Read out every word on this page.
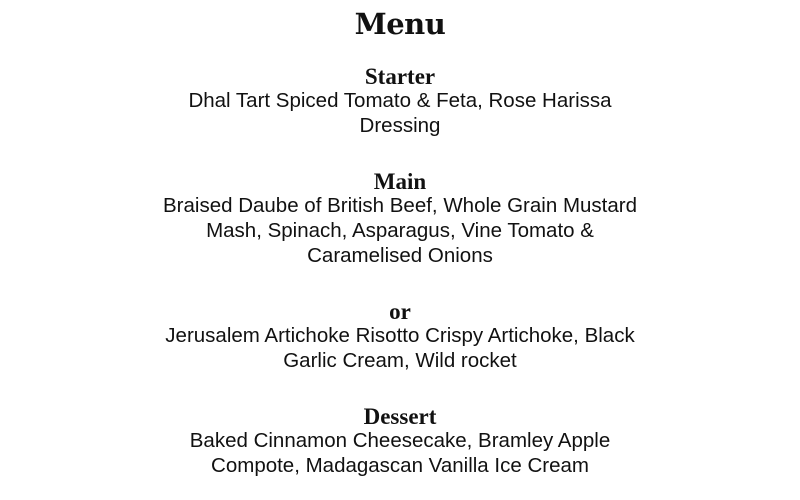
Menu
Starter
Dhal Tart Spiced Tomato & Feta, Rose Harissa Dressing
Main
Braised Daube of British Beef, Whole Grain Mustard Mash, Spinach, Asparagus, Vine Tomato & Caramelised Onions
or
Jerusalem Artichoke Risotto Crispy Artichoke, Black Garlic Cream, Wild rocket
Dessert
Baked Cinnamon Cheesecake, Bramley Apple Compote, Madagascan Vanilla Ice Cream
